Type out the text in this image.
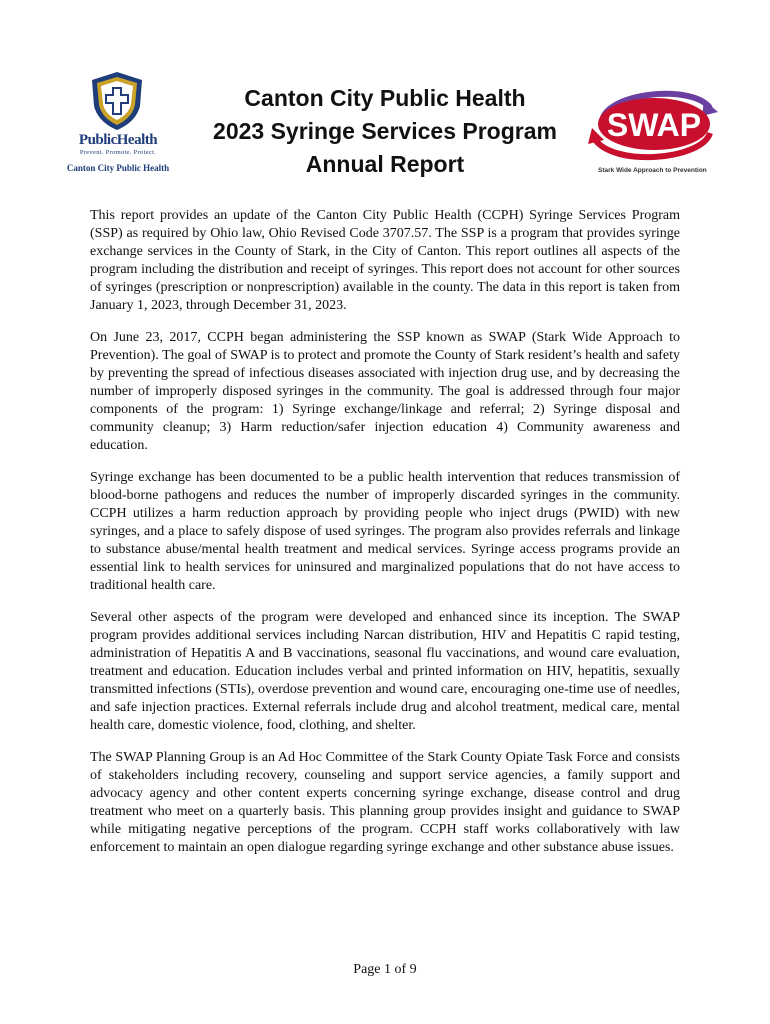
PublicHealth
Prevent. Promote. Protect.
Canton City Public Health
Canton City Public Health
2023 Syringe Services Program
Annual Report
SWAP
Stark Wide Approach to Prevention

This report provides an update of the Canton City Public Health (CCPH) Syringe Services Program (SSP) as required by Ohio law, Ohio Revised Code 3707.57. The SSP is a program that provides syringe exchange services in the County of Stark, in the City of Canton. This report outlines all aspects of the program including the distribution and receipt of syringes. This report does not account for other sources of syringes (prescription or nonprescription) available in the county. The data in this report is taken from January 1, 2023, through December 31, 2023.

On June 23, 2017, CCPH began administering the SSP known as SWAP (Stark Wide Approach to Prevention). The goal of SWAP is to protect and promote the County of Stark resident’s health and safety by preventing the spread of infectious diseases associated with injection drug use, and by decreasing the number of improperly disposed syringes in the community. The goal is addressed through four major components of the program: 1) Syringe exchange/linkage and referral; 2) Syringe disposal and community cleanup; 3) Harm reduction/safer injection education 4) Community awareness and education.

Syringe exchange has been documented to be a public health intervention that reduces transmission of blood-borne pathogens and reduces the number of improperly discarded syringes in the community. CCPH utilizes a harm reduction approach by providing people who inject drugs (PWID) with new syringes, and a place to safely dispose of used syringes. The program also provides referrals and linkage to substance abuse/mental health treatment and medical services. Syringe access programs provide an essential link to health services for uninsured and marginalized populations that do not have access to traditional health care.

Several other aspects of the program were developed and enhanced since its inception. The SWAP program provides additional services including Narcan distribution, HIV and Hepatitis C rapid testing, administration of Hepatitis A and B vaccinations, seasonal flu vaccinations, and wound care evaluation, treatment and education. Education includes verbal and printed information on HIV, hepatitis, sexually transmitted infections (STIs), overdose prevention and wound care, encouraging one-time use of needles, and safe injection practices. External referrals include drug and alcohol treatment, medical care, mental health care, domestic violence, food, clothing, and shelter.

The SWAP Planning Group is an Ad Hoc Committee of the Stark County Opiate Task Force and consists of stakeholders including recovery, counseling and support service agencies, a family support and advocacy agency and other content experts concerning syringe exchange, disease control and drug treatment who meet on a quarterly basis. This planning group provides insight and guidance to SWAP while mitigating negative perceptions of the program. CCPH staff works collaboratively with law enforcement to maintain an open dialogue regarding syringe exchange and other substance abuse issues.

Page 1 of 9
